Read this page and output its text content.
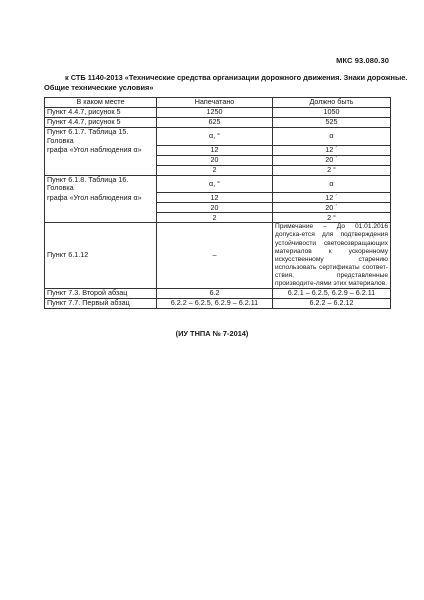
МКС 93.080.30
к СТБ 1140-2013 «Технические средства организации дорожного движения. Знаки дорожные.
Общие технические условия»
В каком месте	Напечатано	Должно быть
Пункт 4.4.7, рисунок 5	1250	1050
Пункт 4.4.7, рисунок 5	625	525
Пункт 6.1.7. Таблица 15. Головка	α, °	α
графа «Угол наблюдения α»	12	12 ´
	20	20 ´
	2	2 °
Пункт 6.1.8. Таблица 16. Головка	α, °	α
графа «Угол наблюдения α»	12	12 ´
	20	20 ´
	2	2 °
Пункт 6.1.12	–	Примечание – До 01.01.2016 допуска-ется для подтверждения устойчивости световозвращающих материалов к ускоренному искусственному старению использовать сертификаты соответ-ствия, представленные производите-лями этих материалов.
Пункт 7.3. Второй абзац	6.2	6.2.1 – 6.2.5, 6.2.9 – 6.2.11
Пункт 7.7. Первый абзац	6.2.2 – 6.2.5, 6.2.9 – 6.2.11	6.2.2 – 6.2.12
(ИУ ТНПА № 7-2014)
